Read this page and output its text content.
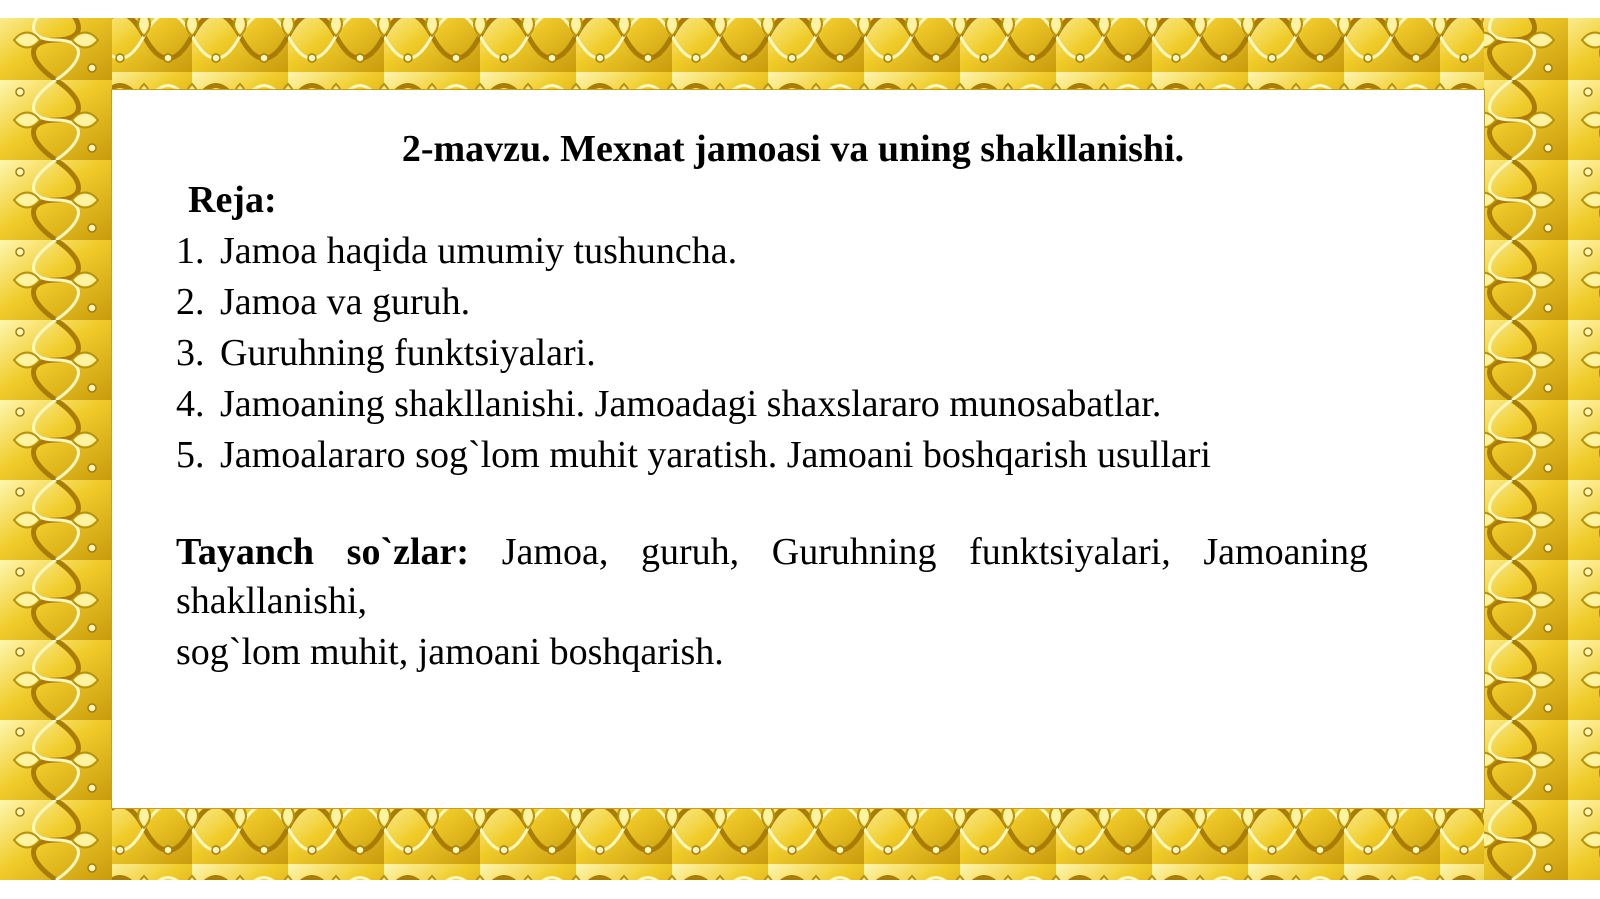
2-mavzu. Mexnat jamoasi va uning shakllanishi.
Reja:
1. Jamoa haqida umumiy tushuncha.
2. Jamoa va guruh.
3. Guruhning funktsiyalari.
4. Jamoaning shakllanishi. Jamoadagi shaxslararo munosabatlar.
5. Jamoalararo sog`lom muhit yaratish. Jamoani boshqarish usullari
Tayanch so`zlar: Jamoa, guruh, Guruhning funktsiyalari, Jamoaning
shakllanishi,
sog`lom muhit, jamoani boshqarish.
